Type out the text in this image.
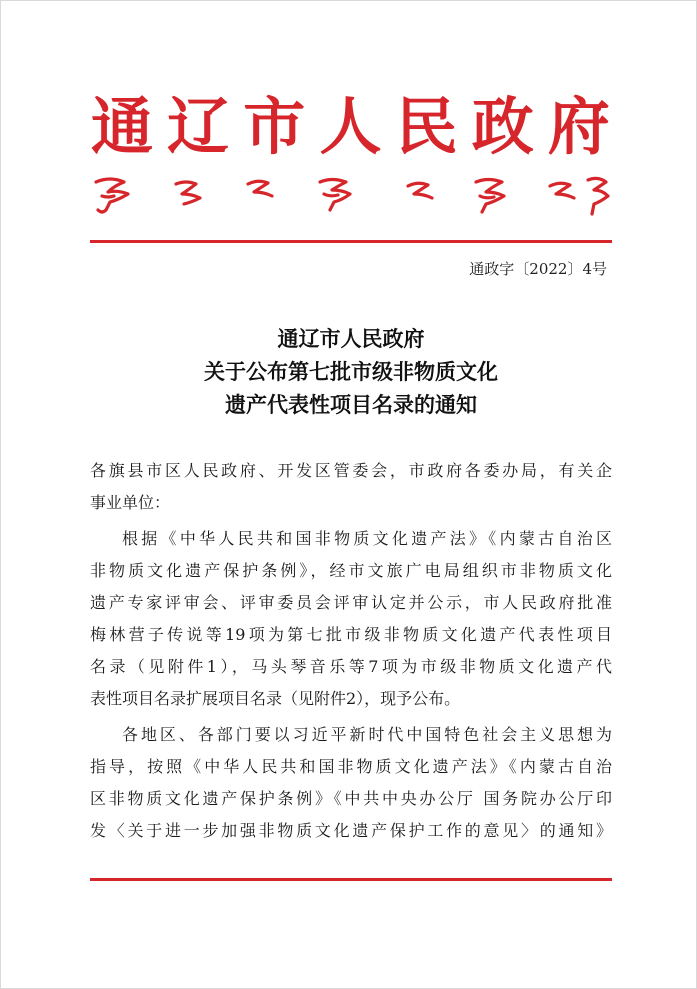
通 辽 市 人 民 政 府
通政字〔2022〕4号
通辽市人民政府
关于公布第七批市级非物质文化
遗产代表性项目名录的通知
各旗县市区人民政府、开发区管委会，市政府各委办局，有关企
事业单位：
根据《中华人民共和国非物质文化遗产法》《内蒙古自治区
非物质文化遗产保护条例》，经市文旅广电局组织市非物质文化
遗产专家评审会、评审委员会评审认定并公示，市人民政府批准
梅林营子传说等19项为第七批市级非物质文化遗产代表性项目
名录（见附件1），马头琴音乐等7项为市级非物质文化遗产代
表性项目名录扩展项目名录（见附件2），现予公布。
各地区、各部门要以习近平新时代中国特色社会主义思想为
指导，按照《中华人民共和国非物质文化遗产法》《内蒙古自治
区非物质文化遗产保护条例》《中共中央办公厅 国务院办公厅印
发〈关于进一步加强非物质文化遗产保护工作的意见〉的通知》
